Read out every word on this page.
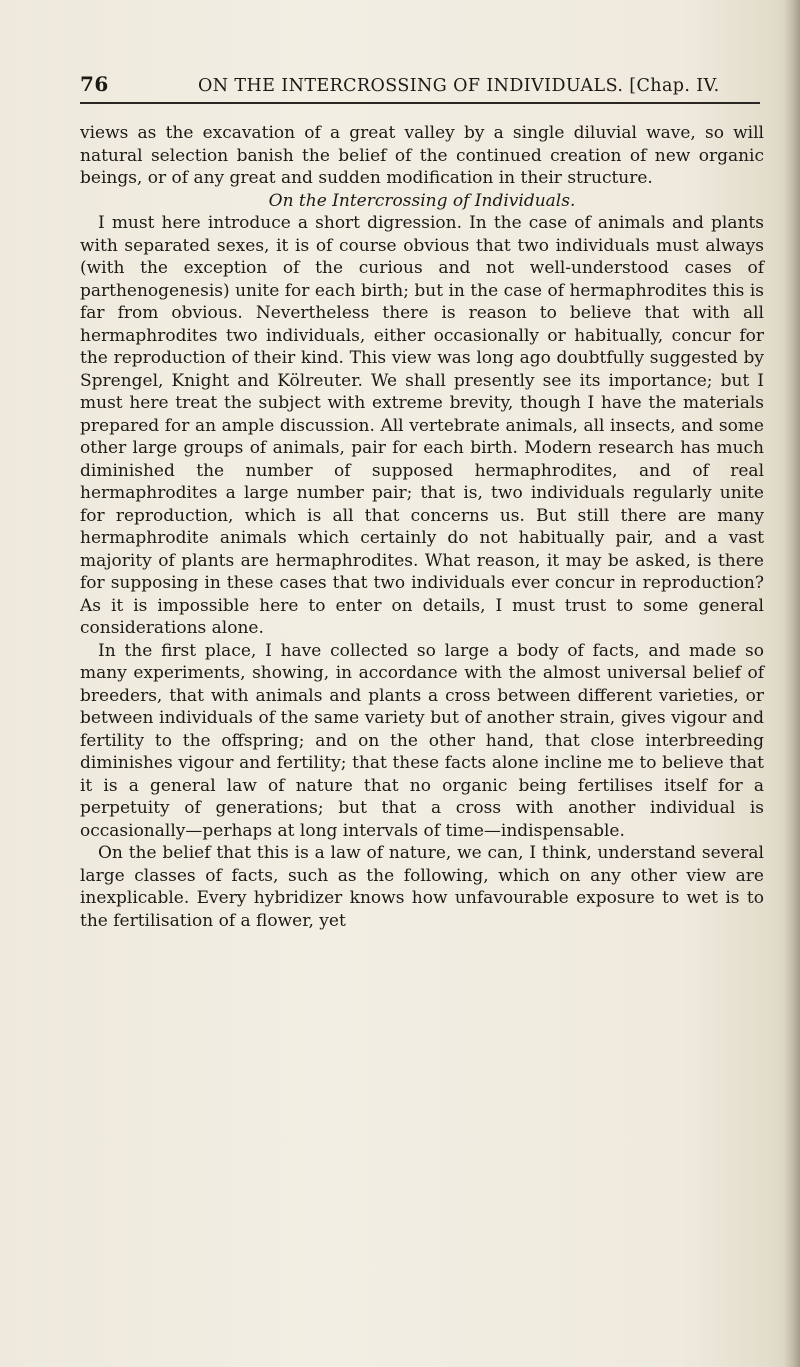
76	ON THE INTERCROSSING OF INDIVIDUALS. [Chap. IV.

views as the excavation of a great valley by a single diluvial wave, so will natural selection banish the belief of the continued creation of new organic beings, or of any great and sudden modification in their structure.

On the Intercrossing of Individuals.

I must here introduce a short digression. In the case of animals and plants with separated sexes, it is of course obvious that two individuals must always (with the exception of the curious and not well-understood cases of parthenogenesis) unite for each birth; but in the case of hermaphrodites this is far from obvious. Nevertheless there is reason to believe that with all hermaphrodites two individuals, either occasionally or habitually, concur for the reproduction of their kind. This view was long ago doubtfully suggested by Sprengel, Knight and Kölreuter. We shall presently see its importance; but I must here treat the subject with extreme brevity, though I have the materials prepared for an ample discussion. All vertebrate animals, all insects, and some other large groups of animals, pair for each birth. Modern research has much diminished the number of supposed hermaphrodites, and of real hermaphrodites a large number pair; that is, two individuals regularly unite for reproduction, which is all that concerns us. But still there are many hermaphrodite animals which certainly do not habitually pair, and a vast majority of plants are hermaphrodites. What reason, it may be asked, is there for supposing in these cases that two individuals ever concur in reproduction? As it is impossible here to enter on details, I must trust to some general considerations alone.

In the first place, I have collected so large a body of facts, and made so many experiments, showing, in accordance with the almost universal belief of breeders, that with animals and plants a cross between different varieties, or between individuals of the same variety but of another strain, gives vigour and fertility to the offspring; and on the other hand, that close interbreeding diminishes vigour and fertility; that these facts alone incline me to believe that it is a general law of nature that no organic being fertilises itself for a perpetuity of generations; but that a cross with another individual is occasionally—perhaps at long intervals of time—indispensable.

On the belief that this is a law of nature, we can, I think, understand several large classes of facts, such as the following, which on any other view are inexplicable. Every hybridizer knows how unfavourable exposure to wet is to the fertilisation of a flower, yet
